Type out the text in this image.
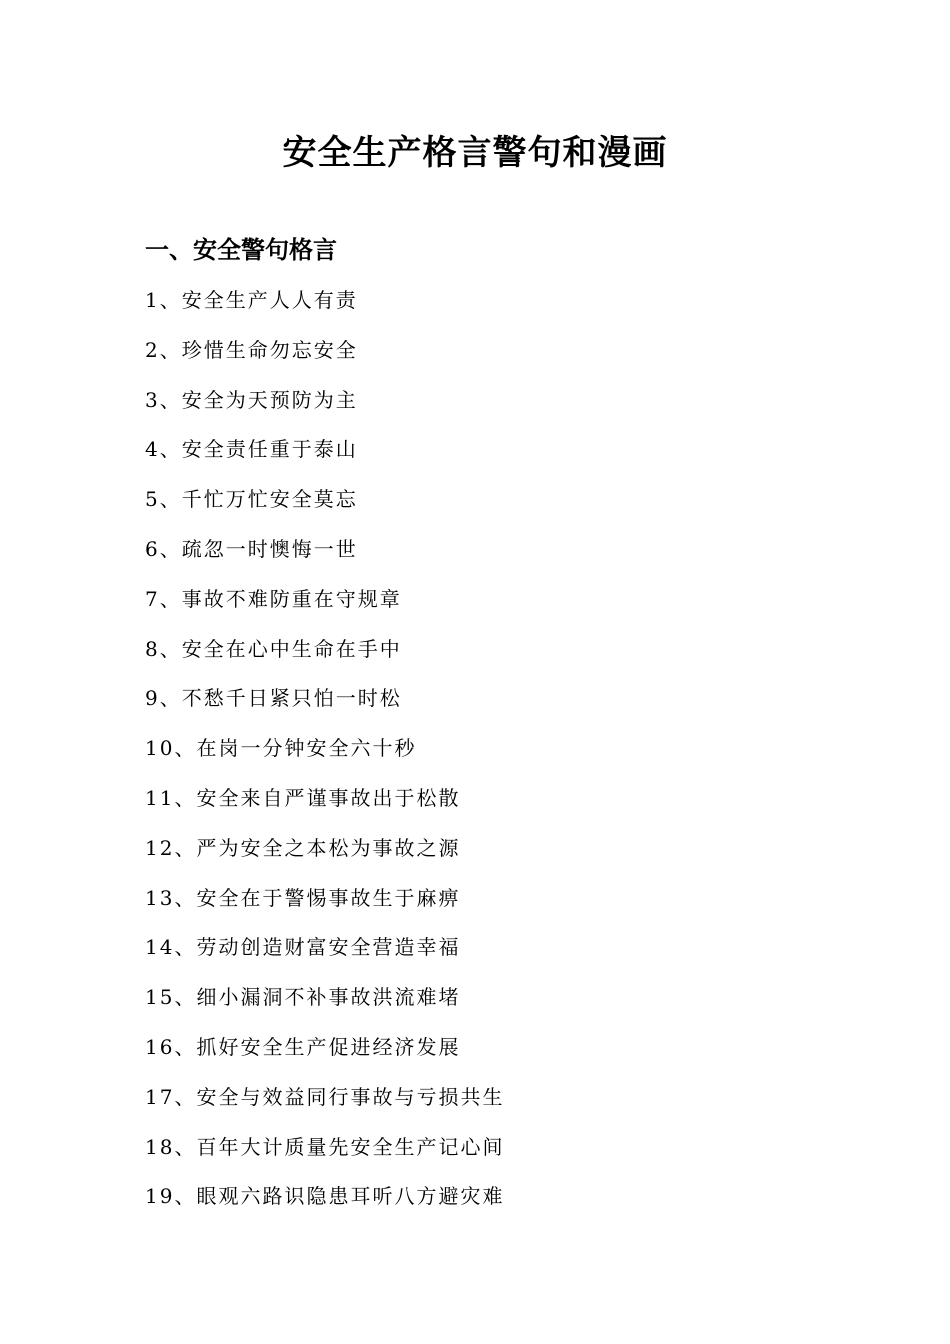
安全生产格言警句和漫画
一、安全警句格言
1、安全生产人人有责
2、珍惜生命勿忘安全
3、安全为天预防为主
4、安全责任重于泰山
5、千忙万忙安全莫忘
6、疏忽一时懊悔一世
7、事故不难防重在守规章
8、安全在心中生命在手中
9、不愁千日紧只怕一时松
10、在岗一分钟安全六十秒
11、安全来自严谨事故出于松散
12、严为安全之本松为事故之源
13、安全在于警惕事故生于麻痹
14、劳动创造财富安全营造幸福
15、细小漏洞不补事故洪流难堵
16、抓好安全生产促进经济发展
17、安全与效益同行事故与亏损共生
18、百年大计质量先安全生产记心间
19、眼观六路识隐患耳听八方避灾难
